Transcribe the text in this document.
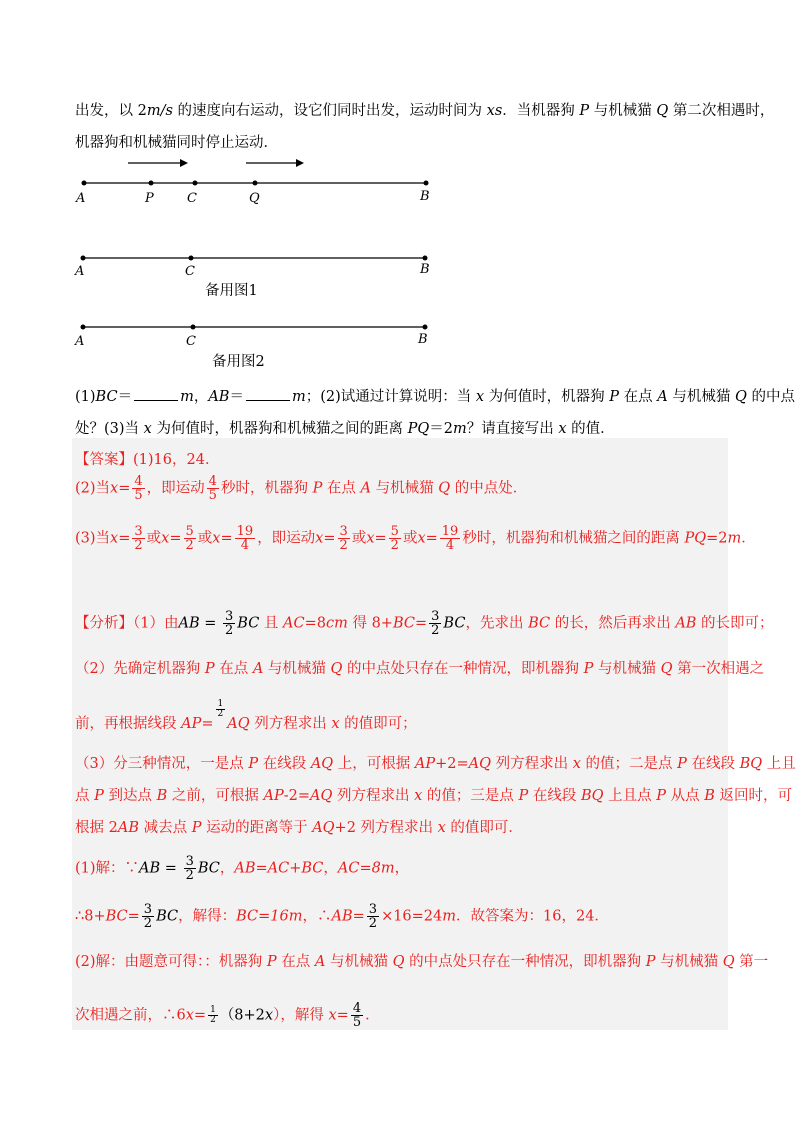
出发，以 2m/s 的速度向右运动，设它们同时出发，运动时间为 xs．当机器狗 P 与机械猫 Q 第二次相遇时，
机器狗和机械猫同时停止运动．
A	P	C	Q	B
A	C	B
备用图1
A	C	B
备用图2
(1)BC＝	m，AB＝	m；(2)试通过计算说明：当 x 为何值时，机器狗 P 在点 A 与机械猫 Q 的中点
处？(3)当 x 为何值时，机器狗和机械猫之间的距离 PQ＝2m？请直接写出 x 的值．
【答案】(1)16，24．
(2)当$x= \frac{4}{5}$ ，即运动 $\frac{4}{5}$ 秒时，机器狗 P 在点 A 与机械猫 Q 的中点处．
(3)当$x= \frac{3}{2}$ 或$x= \frac{5}{2}$ 或$x= \frac{19}{4}$ ，即运动$x= \frac{3}{2}$ 或$x= \frac{5}{2}$ 或$x= \frac{19}{4}$ 秒时，机器狗和机械猫之间的距离 PQ=2m．
【分析】（1）由AB = $\frac{3}{2}$ BC 且 AC=8cm 得 $8+BC= \frac{3}{2}$ BC，先求出 BC 的长，然后再求出 AB 的长即可；
（2）先确定机器狗 P 在点 A 与机械猫 Q 的中点处只存在一种情况，即机器狗 P 与机械猫 Q 第一次相遇之
前，再根据线段 AP=
$\frac{1}{2}$
AQ 列方程求出 x 的值即可；
（3）分三种情况，一是点 P 在线段 AQ 上，可根据 AP+2=AQ 列方程求出 x 的值；二是点 P 在线段 BQ 上且
点 P 到达点 B 之前，可根据 AP-2=AQ 列方程求出 x 的值；三是点 P 在线段 BQ 上且点 P 从点 B 返回时，可
根据 2AB 减去点 P 运动的距离等于 AQ+2 列方程求出 x 的值即可．
(1)解：∵AB = $\frac{3}{2}$ BC，AB=AC+BC，AC=8m，
∴8+BC= $\frac{3}{2}$ BC，解得：BC=16m，∴AB= $\frac{3}{2} \times 16=24m$．故答案为：16，24．
(2)解：由题意可得：：机器狗 P 在点 A 与机械猫 Q 的中点处只存在一种情况，即机器狗 P 与机械猫 Q 第一
次相遇之前，∴6x= $\frac{1}{2} (8+2x)$，解得 $x= \frac{4}{5}$ ．
